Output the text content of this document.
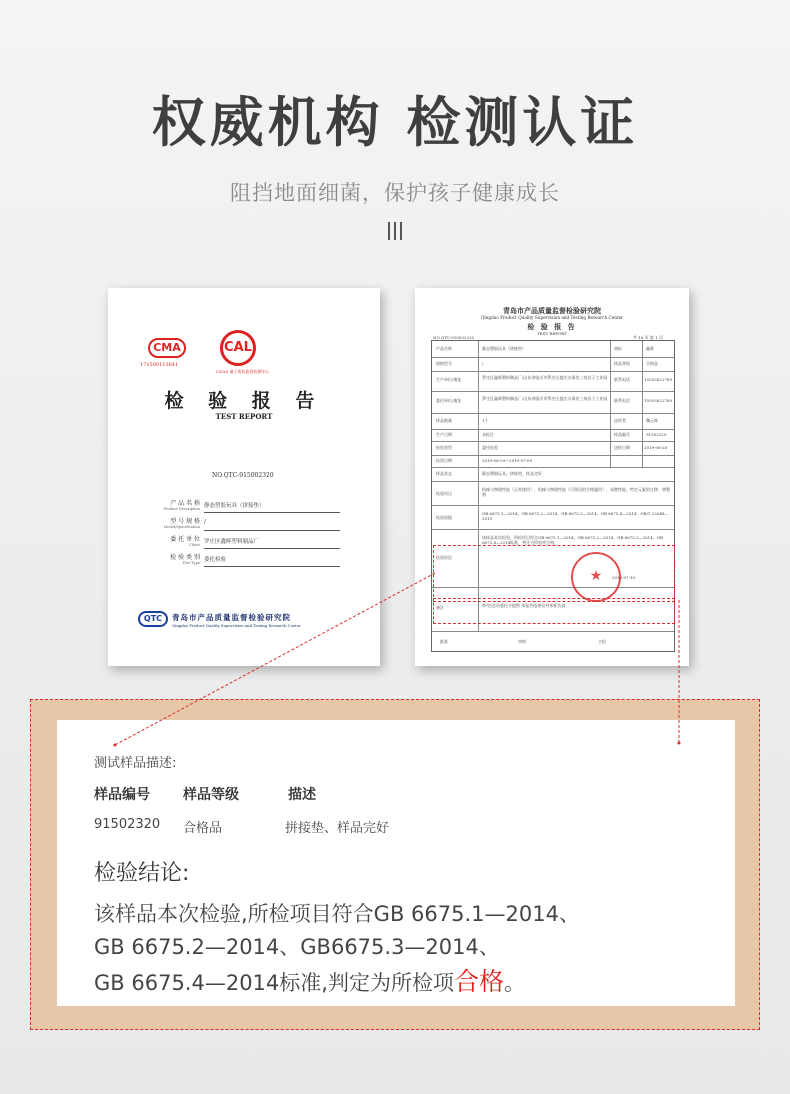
权威机构 检测认证
阻挡地面细菌，保护孩子健康成长
CMA
171500113641
CAL
CNAS 量子质检监督检测中心
检 验 报 告
TEST REPORT
NO.QTC-915002320
产 品 名 称
Product Description 静态塑胶玩具（拼接垫）
型 号 规 格
Model/Specification
/
委 托 单 位
Client 罗庄区鑫晖塑料制品厂
检 验 类 别
Test Type 委托检验
QTC	青岛市产品质量监督检验研究院
Qingdao Product Quality Supervision and Testing Research Center
青岛市产品质量监督检验研究院
Qingdao Product Quality Supervision and Testing Research Center
检 验 报 告
TEST REPORT
NO.QTC-915002320	共 16 页 第 1 页
产品名称	静态塑胶玩具（拼接垫）	商标	鑫晖
规格型号	/	样品等级	合格品
生产单位/地址	罗庄区鑫晖塑料制品厂/山东省临沂市罗庄区盛庄办事处三岗店子工业园 联系电话	15053822789
委托单位/地址	罗庄区鑫晖塑料制品厂/山东省临沂市罗庄区盛庄办事处三岗店子工业园 联系电话	15053822789
样品数量	1个	送样者	魏元辉
生产日期	未标注	样品编号	91502320
检验类型	委托检验	送样日期	2019-06-28
检验日期	2019-06-29～2019-07-09
样品状态	静态塑胶玩具，拼接垫，样品完好
检验项目
机械与物理性能（正常使用）、机械与物理性能（可预见的合理滥用）、易燃性能、特定元素的迁移、增塑剂
检验依据
GB 6675.1—2014、GB 6675.2—2014、GB 6675.3—2014、GB 6675.4—2014、GB/T 22048—2015
检验结论
该样品本次检验，所检项目符合GB 6675.1—2014、GB 6675.2—2014、GB 6675.3—2014、GB 6675.4—2014标准，判定为所检项合格。
2019-07-10
备注	带*信息由委托方提供 本报告结果仅对来样负责
批准	审核	主检
★
测试样品描述:
样品编号 样品等级	描述
91502320 合格品	拼接垫、样品完好
检验结论:
该样品本次检验,所检项目符合GB 6675.1—2014、
GB 6675.2—2014、GB6675.3—2014、
GB 6675.4—2014标准,判定为所检项合格。
